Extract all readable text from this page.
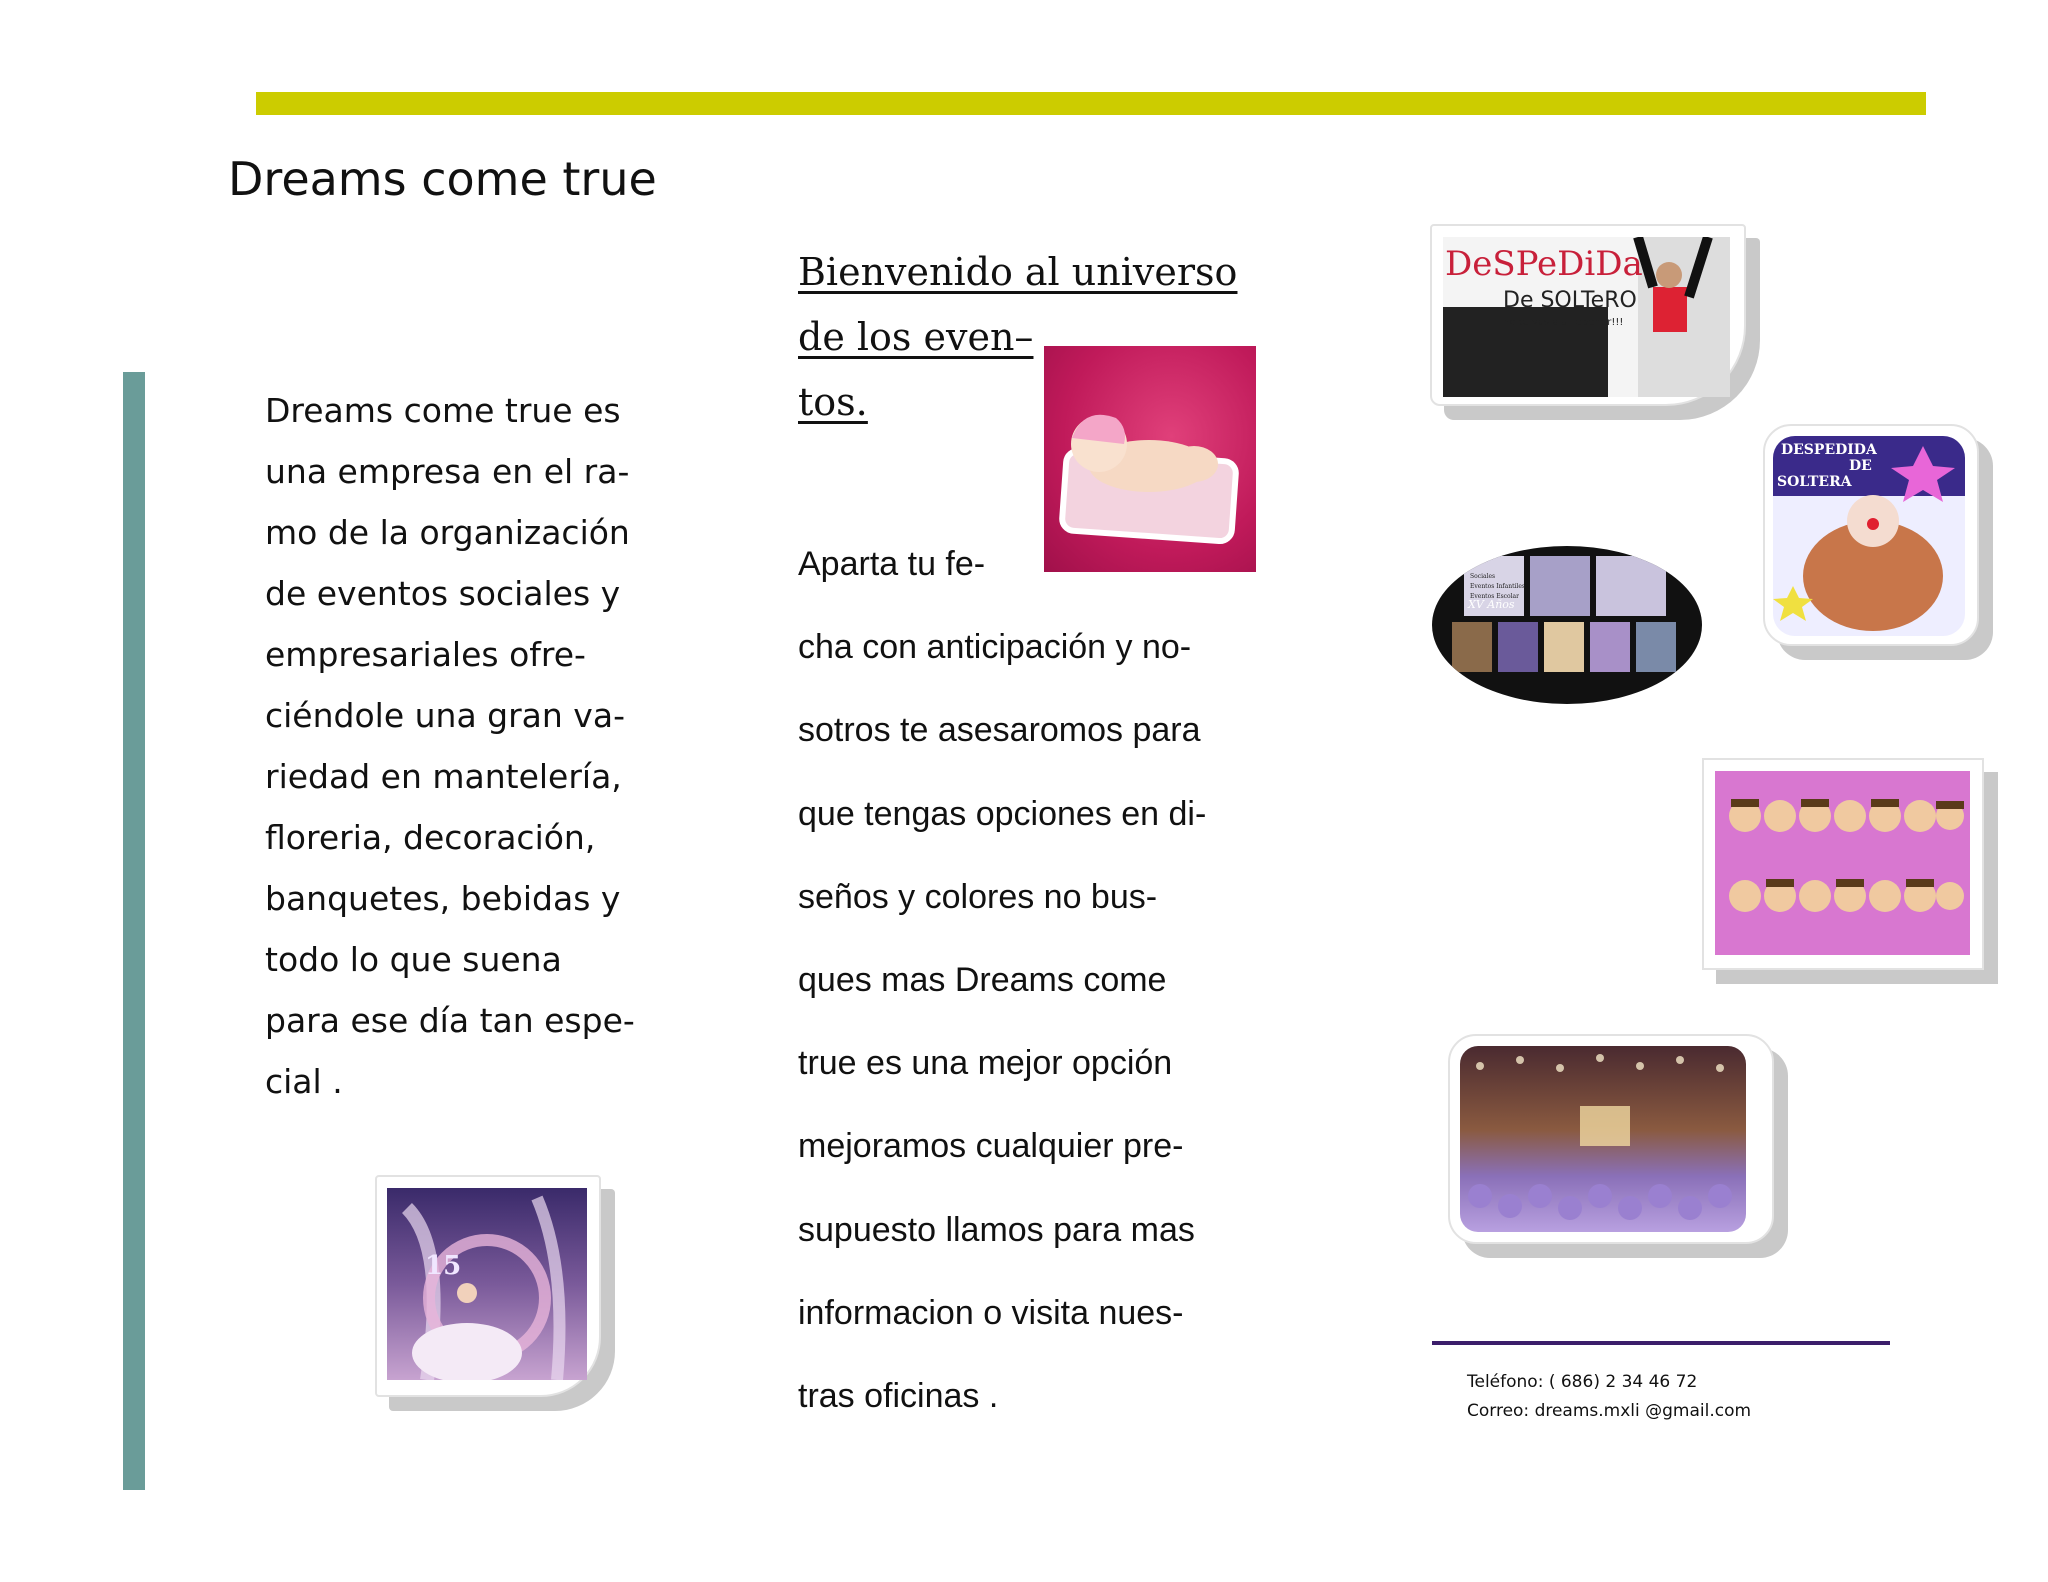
Dreams come true
Dreams come true es
una empresa en el ra-
mo de la organización
de eventos sociales y
empresariales ofre-
ciéndole una gran va-
riedad en mantelería,
floreria, decoración,
banquetes, bebidas y
todo lo que suena
para ese día tan espe-
cial .
Bienvenido al universo
de los even–
tos.
Aparta tu fe-
cha con anticipación y no-
sotros te asesaromos para
que tengas opciones en di-
seños y colores no bus-
ques mas Dreams come
true es una mejor opción
mejoramos cualquier pre-
supuesto llamos para mas
informacion o visita nues-
tras oficinas .
15
DeSPeDiDa
De SOLTeRO
no te vas a arrepentir!!!
DESPEDIDA
DE
SOLTERA
Sociales
Eventos Infantiles
Eventos Escolar
XV Años
Teléfono: ( 686) 2 34 46 72
Correo: dreams.mxli @gmail.com
